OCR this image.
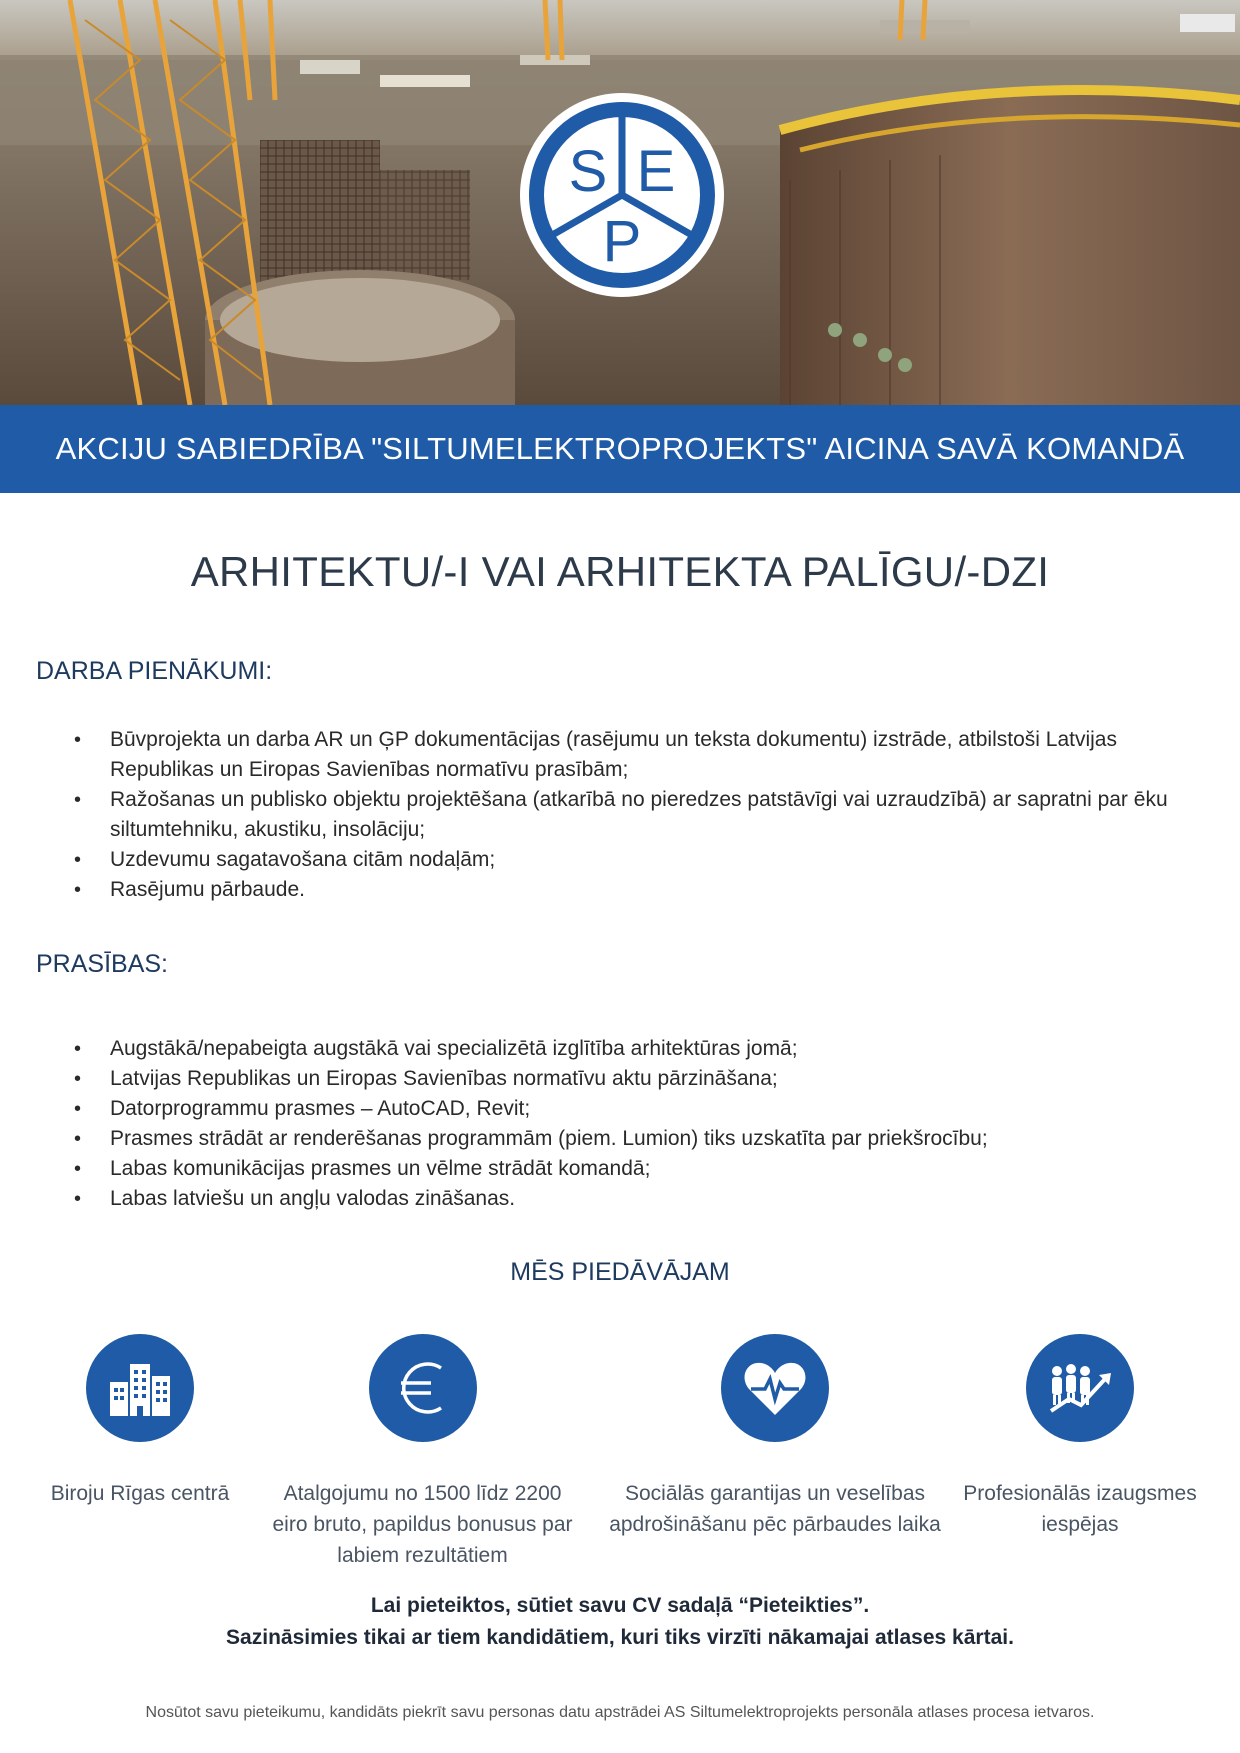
S E
P
AKCIJU SABIEDRĪBA "SILTUMELEKTROPROJEKTS" AICINA SAVĀ KOMANDĀ
ARHITEKTU/-I VAI ARHITEKTA PALĪGU/-DZI
DARBA PIENĀKUMI:
• Būvprojekta un darba AR un ĢP dokumentācijas (rasējumu un teksta dokumentu) izstrāde, atbilstoši Latvijas Republikas un Eiropas Savienības normatīvu prasībām;
• Ražošanas un publisko objektu projektēšana (atkarībā no pieredzes patstāvīgi vai uzraudzībā) ar sapratni par ēku siltumtehniku, akustiku, insolāciju;
• Uzdevumu sagatavošana citām nodaļām;
• Rasējumu pārbaude.
PRASĪBAS:
• Augstākā/nepabeigta augstākā vai specializētā izglītība arhitektūras jomā;
• Latvijas Republikas un Eiropas Savienības normatīvu aktu pārzināšana;
• Datorprogrammu prasmes – AutoCAD, Revit;
• Prasmes strādāt ar renderēšanas programmām (piem. Lumion) tiks uzskatīta par priekšrocību;
• Labas komunikācijas prasmes un vēlme strādāt komandā;
• Labas latviešu un angļu valodas zināšanas.
MĒS PIEDĀVĀJAM
Biroju Rīgas centrā	Atalgojumu no 1500 līdz 2200 eiro bruto, papildus bonusus par labiem rezultātiem
Sociālās garantijas un veselības apdrošināšanu pēc pārbaudes laika
Profesionālās izaugsmes iespējas
Lai pieteiktos, sūtiet savu CV sadaļā “Pieteikties”.
Sazināsimies tikai ar tiem kandidātiem, kuri tiks virzīti nākamajai atlases kārtai.
Nosūtot savu pieteikumu, kandidāts piekrīt savu personas datu apstrādei AS Siltumelektroprojekts personāla atlases procesa ietvaros.
